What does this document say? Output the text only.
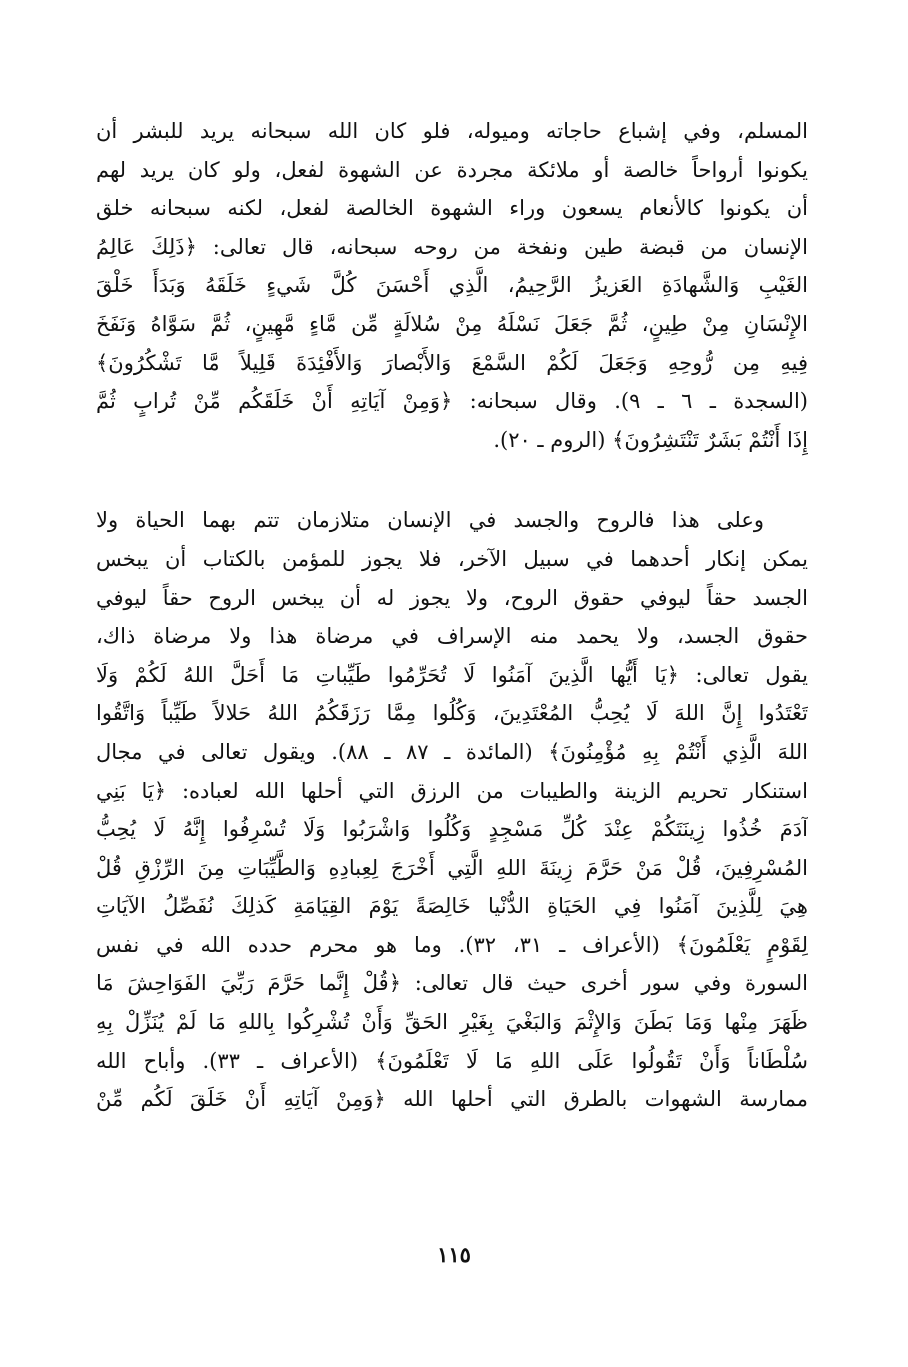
المسلم، وفي إشباع حاجاته وميوله، فلو كان الله سبحانه يريد للبشر أن
يكونوا أرواحاً خالصة أو ملائكة مجردة عن الشهوة لفعل، ولو كان يريد لهم
أن يكونوا كالأنعام يسعون وراء الشهوة الخالصة لفعل، لكنه سبحانه خلق
الإنسان من قبضة طين ونفخة من روحه سبحانه، قال تعالى: ﴿ذَلِكَ عَالِمُ
الغَيْبِ وَالشَّهادَةِ العَزيزُ الرَّحِيمُ، الَّذِي أَحْسَنَ كُلَّ شَيءٍ خَلَقَهُ وَبَدَأَ خَلْقَ
الإِنْسَانِ مِنْ طِينٍ، ثُمَّ جَعَلَ نَسْلَهُ مِنْ سُلالَةٍ مِّن مَّاءٍ مَّهِينٍ، ثُمَّ سَوَّاهُ وَنَفَخَ
فِيهِ مِن رُّوحِهِ وَجَعَلَ لَكُمْ السَّمْعَ وَالأَبْصارَ وَالأَفْئِدَةَ قَلِيلاً مَّا تَشْكُرُونَ﴾
(السجدة ـ ٦ ـ ٩). وقال سبحانه: ﴿وَمِنْ آيَاتِهِ أَنْ خَلَقَكُم مِّنْ تُرابٍ ثُمَّ
إِذَا أَنْتُمْ بَشَرٌ تَنْتَشِرُونَ﴾ (الروم ـ ٢٠).
وعلى هذا فالروح والجسد في الإنسان متلازمان تتم بهما الحياة ولا
يمكن إنكار أحدهما في سبيل الآخر، فلا يجوز للمؤمن بالكتاب أن يبخس
الجسد حقاً ليوفي حقوق الروح، ولا يجوز له أن يبخس الروح حقاً ليوفي
حقوق الجسد، ولا يحمد منه الإسراف في مرضاة هذا ولا مرضاة ذاك،
يقول تعالى: ﴿يَا أَيُّها الَّذِينَ آمَنُوا لَا تُحَرِّمُوا طَيِّباتِ مَا أَحَلَّ اللهُ لَكُمْ وَلَا
تَعْتَدُوا إِنَّ اللهَ لَا يُحِبُّ المُعْتَدِينَ، وَكُلُوا مِمَّا رَزَقَكُمُ اللهُ حَلالاً طَيِّباً وَاتَّقُوا
اللهَ الَّذِي أَنْتُمْ بِهِ مُؤْمِنُونَ﴾ (المائدة ـ ٨٧ ـ ٨٨). ويقول تعالى في مجال
استنكار تحريم الزينة والطيبات من الرزق التي أحلها الله لعباده: ﴿يَا بَنِي
آدَمَ خُذُوا زِينَتَكُمْ عِنْدَ كُلِّ مَسْجِدٍ وَكُلُوا وَاشْرَبُوا وَلَا تُسْرِفُوا إِنَّهُ لَا يُحِبُّ
المُسْرِفِينَ، قُلْ مَنْ حَرَّمَ زِينَةَ اللهِ الَّتِي أَخْرَجَ لِعِبادِهِ وَالطَّيِّبَاتِ مِنَ الرِّزْقِ قُلْ
هِيَ لِلَّذِينَ آمَنُوا فِي الحَيَاةِ الدُّنْيا خَالِصَةً يَوْمَ القِيَامَةِ كَذلِكَ نُفَصِّلُ الآيَاتِ
لِقَوْمٍ يَعْلَمُونَ﴾ (الأعراف ـ ٣١، ٣٢). وما هو محرم حدده الله في نفس
السورة وفي سور أخرى حيث قال تعالى: ﴿قُلْ إِنَّما حَرَّمَ رَبِّيَ الفَوَاحِشَ مَا
ظَهَرَ مِنْها وَمَا بَطَنَ وَالإِثْمَ وَالبَغْيَ بِغَيْرِ الحَقِّ وَأَنْ تُشْرِكُوا بِاللهِ مَا لَمْ يُنَزِّلْ بِهِ
سُلْطَاناً وَأَنْ تَقُولُوا عَلَى اللهِ مَا لَا تَعْلَمُونَ﴾ (الأعراف ـ ٣٣). وأباح الله
ممارسة الشهوات بالطرق التي أحلها الله ﴿وَمِنْ آيَاتِهِ أَنْ خَلَقَ لَكُم مِّنْ
١١٥
